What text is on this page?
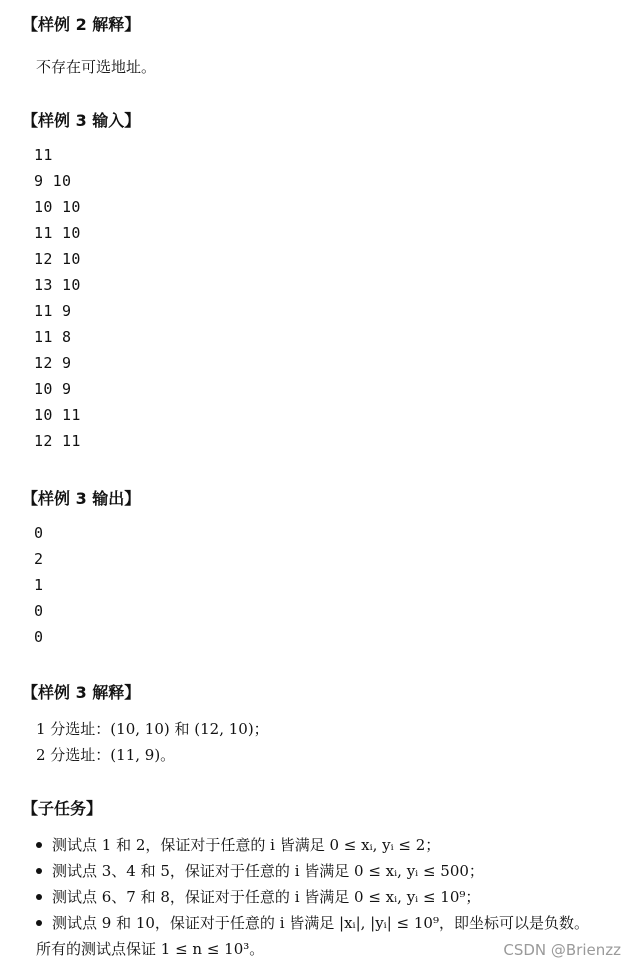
【样例 2 解释】
不存在可选地址。
【样例 3 输入】
11
9 10
10 10
11 10
12 10
13 10
11 9
11 8
12 9
10 9
10 11
12 11
【样例 3 输出】
0
2
1
0
0
【样例 3 解释】
1 分选址：(10, 10) 和 (12, 10)；
2 分选址：(11, 9)。
【子任务】
测试点 1 和 2，保证对于任意的 i 皆满足 0 ≤ xᵢ, yᵢ ≤ 2；
测试点 3、4 和 5，保证对于任意的 i 皆满足 0 ≤ xᵢ, yᵢ ≤ 500；
测试点 6、7 和 8，保证对于任意的 i 皆满足 0 ≤ xᵢ, yᵢ ≤ 10⁹；
测试点 9 和 10，保证对于任意的 i 皆满足 |xᵢ|, |yᵢ| ≤ 10⁹，即坐标可以是负数。
所有的测试点保证 1 ≤ n ≤ 10³。	CSDN @Brienzz
